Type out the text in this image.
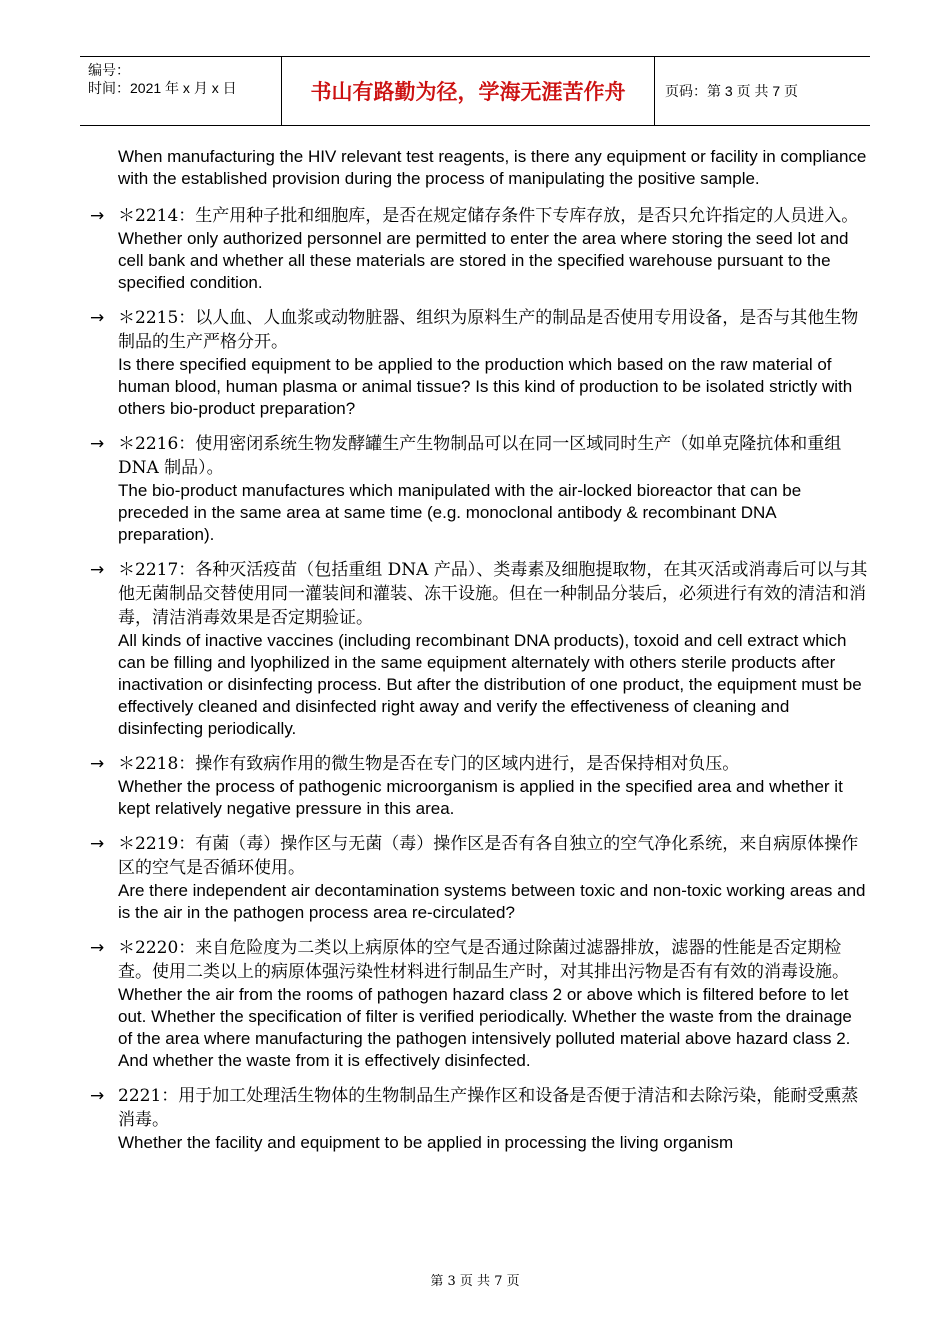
编号：
时间：2021 年 x 月 x 日	书山有路勤为径，学海无涯苦作舟	页码：第 3 页 共 7 页
When manufacturing the HIV relevant test reagents, is there any equipment or facility in compliance with the established provision during the process of manipulating the positive sample.
→ ＊2214：生产用种子批和细胞库，是否在规定储存条件下专库存放，是否只允许指定的人员进入。
Whether only authorized personnel are permitted to enter the area where storing the seed lot and cell bank and whether all these materials are stored in the specified warehouse pursuant to the specified condition.
→ ＊2215：以人血、人血浆或动物脏器、组织为原料生产的制品是否使用专用设备，是否与其他生物制品的生产严格分开。
Is there specified equipment to be applied to the production which based on the raw material of human blood, human plasma or animal tissue? Is this kind of production to be isolated strictly with others bio-product preparation?
→ ＊2216：使用密闭系统生物发酵罐生产生物制品可以在同一区域同时生产（如单克隆抗体和重组 DNA 制品）。
The bio-product manufactures which manipulated with the air-locked bioreactor that can be preceded in the same area at same time (e.g. monoclonal antibody & recombinant DNA preparation).
→ ＊2217：各种灭活疫苗（包括重组 DNA 产品）、类毒素及细胞提取物，在其灭活或消毒后可以与其他无菌制品交替使用同一灌装间和灌装、冻干设施。但在一种制品分装后，必须进行有效的清洁和消毒，清洁消毒效果是否定期验证。
All kinds of inactive vaccines (including recombinant DNA products), toxoid and cell extract which can be filling and lyophilized in the same equipment alternately with others sterile products after inactivation or disinfecting process. But after the distribution of one product, the equipment must be effectively cleaned and disinfected right away and verify the effectiveness of cleaning and disinfecting periodically.
→ ＊2218：操作有致病作用的微生物是否在专门的区域内进行，是否保持相对负压。
Whether the process of pathogenic microorganism is applied in the specified area and whether it kept relatively negative pressure in this area.
→ ＊2219：有菌（毒）操作区与无菌（毒）操作区是否有各自独立的空气净化系统，来自病原体操作区的空气是否循环使用。
Are there independent air decontamination systems between toxic and non-toxic working areas and is the air in the pathogen process area re-circulated?
→ ＊2220：来自危险度为二类以上病原体的空气是否通过除菌过滤器排放，滤器的性能是否定期检查。使用二类以上的病原体强污染性材料进行制品生产时，对其排出污物是否有有效的消毒设施。
Whether the air from the rooms of pathogen hazard class 2 or above which is filtered before to let out. Whether the specification of filter is verified periodically. Whether the waste from the drainage of the area where manufacturing the pathogen intensively polluted material above hazard class 2. And whether the waste from it is effectively disinfected.
→ 2221：用于加工处理活生物体的生物制品生产操作区和设备是否便于清洁和去除污染，能耐受熏蒸消毒。
Whether the facility and equipment to be applied in processing the living organism
第 3 页 共 7 页
